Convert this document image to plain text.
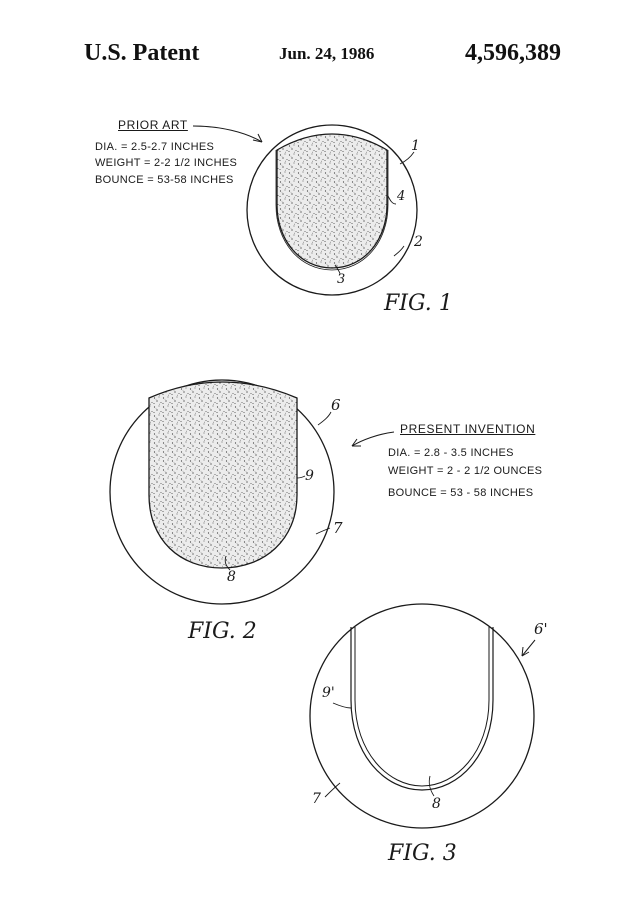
U.S. Patent	Jun. 24, 1986	4,596,389
PRIOR ART
DIA. = 2.5-2.7 INCHES
WEIGHT = 2-2 1/2 INCHES
BOUNCE = 53-58 INCHES
PRESENT INVENTION
DIA. = 2.8 - 3.5 INCHES
WEIGHT = 2 - 2 1/2 OUNCES
BOUNCE = 53 - 58 INCHES
1
2
3
4
FIG. 1
6
7
8
9
FIG. 2	6'
7	8
9'
FIG. 3
